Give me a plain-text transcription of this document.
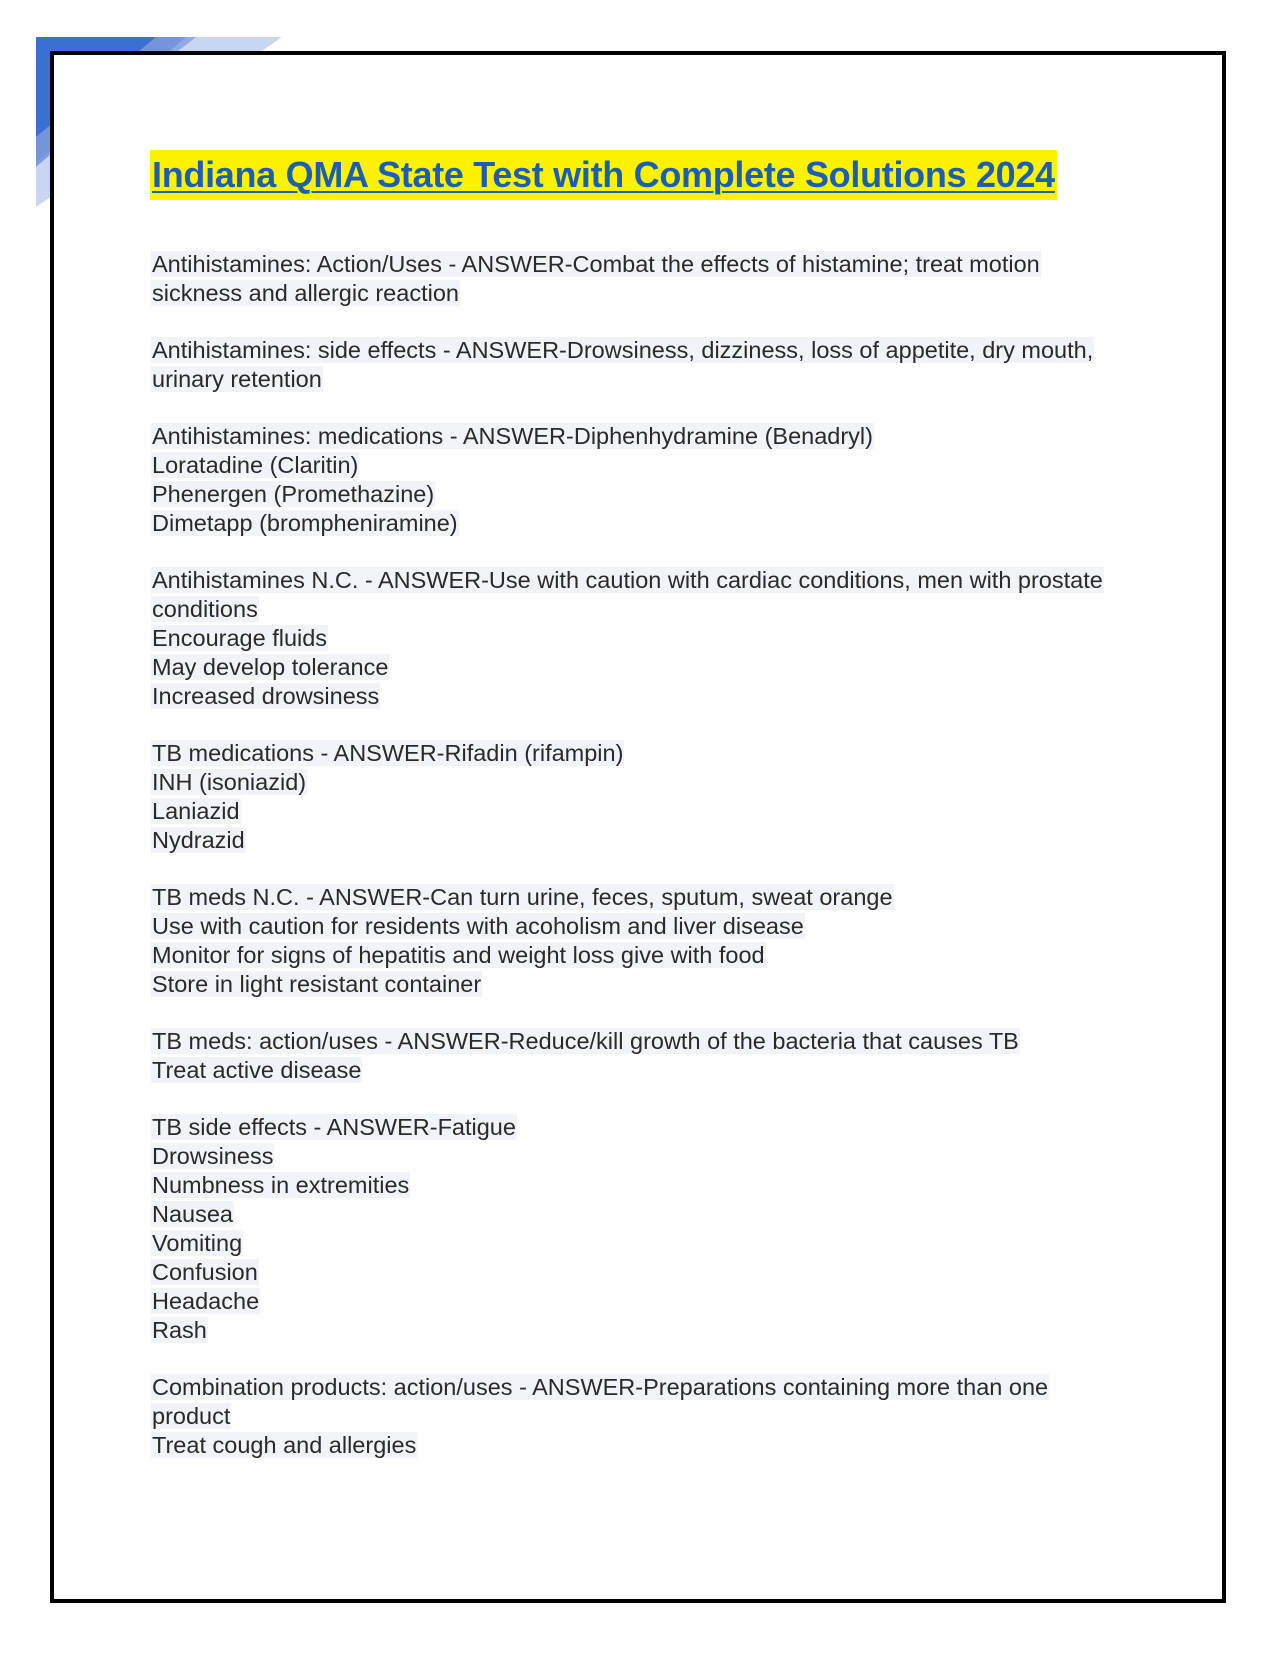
1
Indiana QMA State Test with Complete Solutions 2024
Antihistamines: Action/Uses - ANSWER-Combat the effects of histamine; treat motion sickness and allergic reaction
Antihistamines: side effects - ANSWER-Drowsiness, dizziness, loss of appetite, dry mouth, urinary retention
Antihistamines: medications - ANSWER-Diphenhydramine (Benadryl)
Loratadine (Claritin)
Phenergen (Promethazine)
Dimetapp (brompheniramine)
Antihistamines N.C. - ANSWER-Use with caution with cardiac conditions, men with prostate conditions
Encourage fluids
May develop tolerance
Increased drowsiness
TB medications - ANSWER-Rifadin (rifampin)
INH (isoniazid)
Laniazid
Nydrazid
TB meds N.C. - ANSWER-Can turn urine, feces, sputum, sweat orange
Use with caution for residents with acoholism and liver disease
Monitor for signs of hepatitis and weight loss give with food
Store in light resistant container
TB meds: action/uses - ANSWER-Reduce/kill growth of the bacteria that causes TB
Treat active disease
TB side effects - ANSWER-Fatigue
Drowsiness
Numbness in extremities
Nausea
Vomiting
Confusion
Headache
Rash
Combination products: action/uses - ANSWER-Preparations containing more than one product
Treat cough and allergies
